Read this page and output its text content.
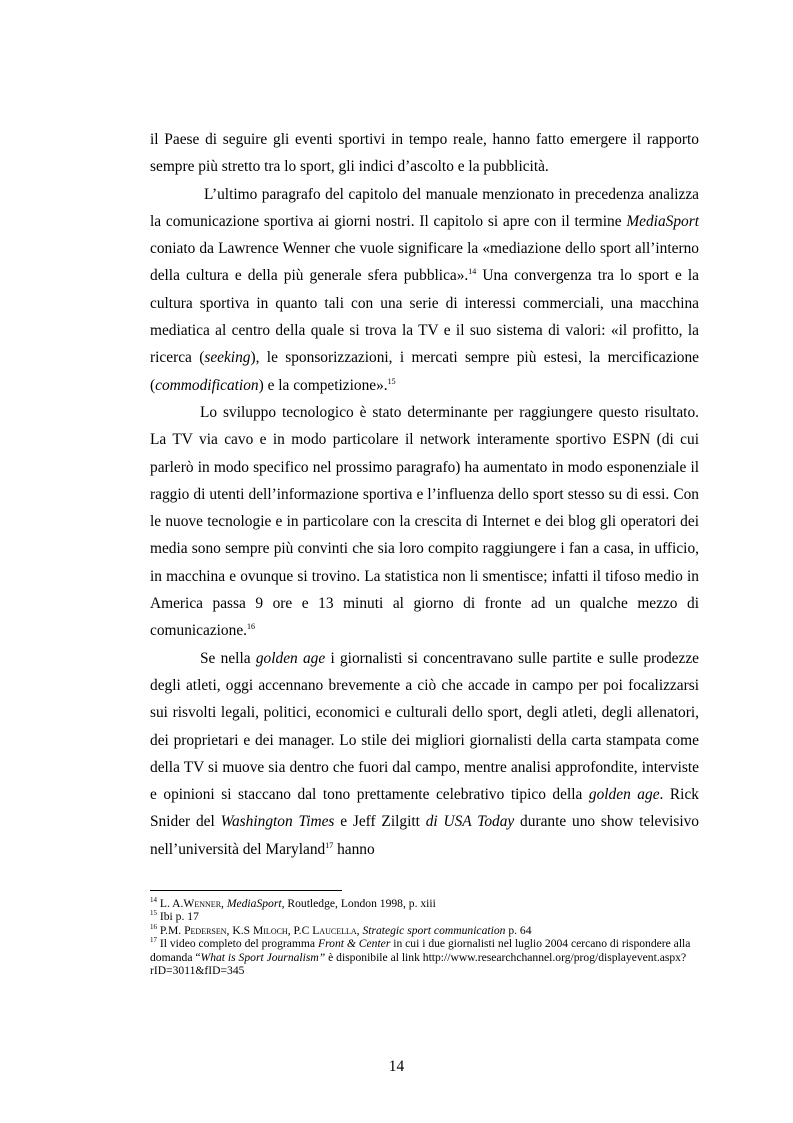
il Paese di seguire gli eventi sportivi in tempo reale, hanno fatto emergere il rapporto sempre più stretto tra lo sport, gli indici d’ascolto e la pubblicità.

L’ultimo paragrafo del capitolo del manuale menzionato in precedenza analizza la comunicazione sportiva ai giorni nostri. Il capitolo si apre con il termine MediaSport coniato da Lawrence Wenner che vuole significare la «mediazione dello sport all’interno della cultura e della più generale sfera pubblica».$^{14}$ Una convergenza tra lo sport e la cultura sportiva in quanto tali con una serie di interessi commerciali, una macchina mediatica al centro della quale si trova la TV e il suo sistema di valori: «il profitto, la ricerca (seeking), le sponsorizzazioni, i mercati sempre più estesi, la mercificazione (commodification) e la competizione».$^{15}$

Lo sviluppo tecnologico è stato determinante per raggiungere questo risultato. La TV via cavo e in modo particolare il network interamente sportivo ESPN (di cui parlerò in modo specifico nel prossimo paragrafo) ha aumentato in modo esponenziale il raggio di utenti dell’informazione sportiva e l’influenza dello sport stesso su di essi. Con le nuove tecnologie e in particolare con la crescita di Internet e dei blog gli operatori dei media sono sempre più convinti che sia loro compito raggiungere i fan a casa, in ufficio, in macchina e ovunque si trovino. La statistica non li smentisce; infatti il tifoso medio in America passa 9 ore e 13 minuti al giorno di fronte ad un qualche mezzo di comunicazione.$^{16}$

Se nella golden age i giornalisti si concentravano sulle partite e sulle prodezze degli atleti, oggi accennano brevemente a ciò che accade in campo per poi focalizzarsi sui risvolti legali, politici, economici e culturali dello sport, degli atleti, degli allenatori, dei proprietari e dei manager. Lo stile dei migliori giornalisti della carta stampata come della TV si muove sia dentro che fuori dal campo, mentre analisi approfondite, interviste e opinioni si staccano dal tono prettamente celebrativo tipico della golden age. Rick Snider del Washington Times e Jeff Zilgitt di USA Today durante uno show televisivo nell’università del Maryland$^{17}$ hanno

$^{14}$ L. A.Wenner, MediaSport, Routledge, London 1998, p. xiii

$^{15}$ Ibi p. 17

$^{16}$ P.M. Pedersen, K.S Miloch, P.C Laucella, Strategic sport communication p. 64

$^{17}$ Il video completo del programma Front & Center in cui i due giornalisti nel luglio 2004 cercano di rispondere alla domanda “What is Sport Journalism” è disponibile al link http://www.researchchannel.org/prog/displayevent.aspx?rID=3011&fID=345

14
